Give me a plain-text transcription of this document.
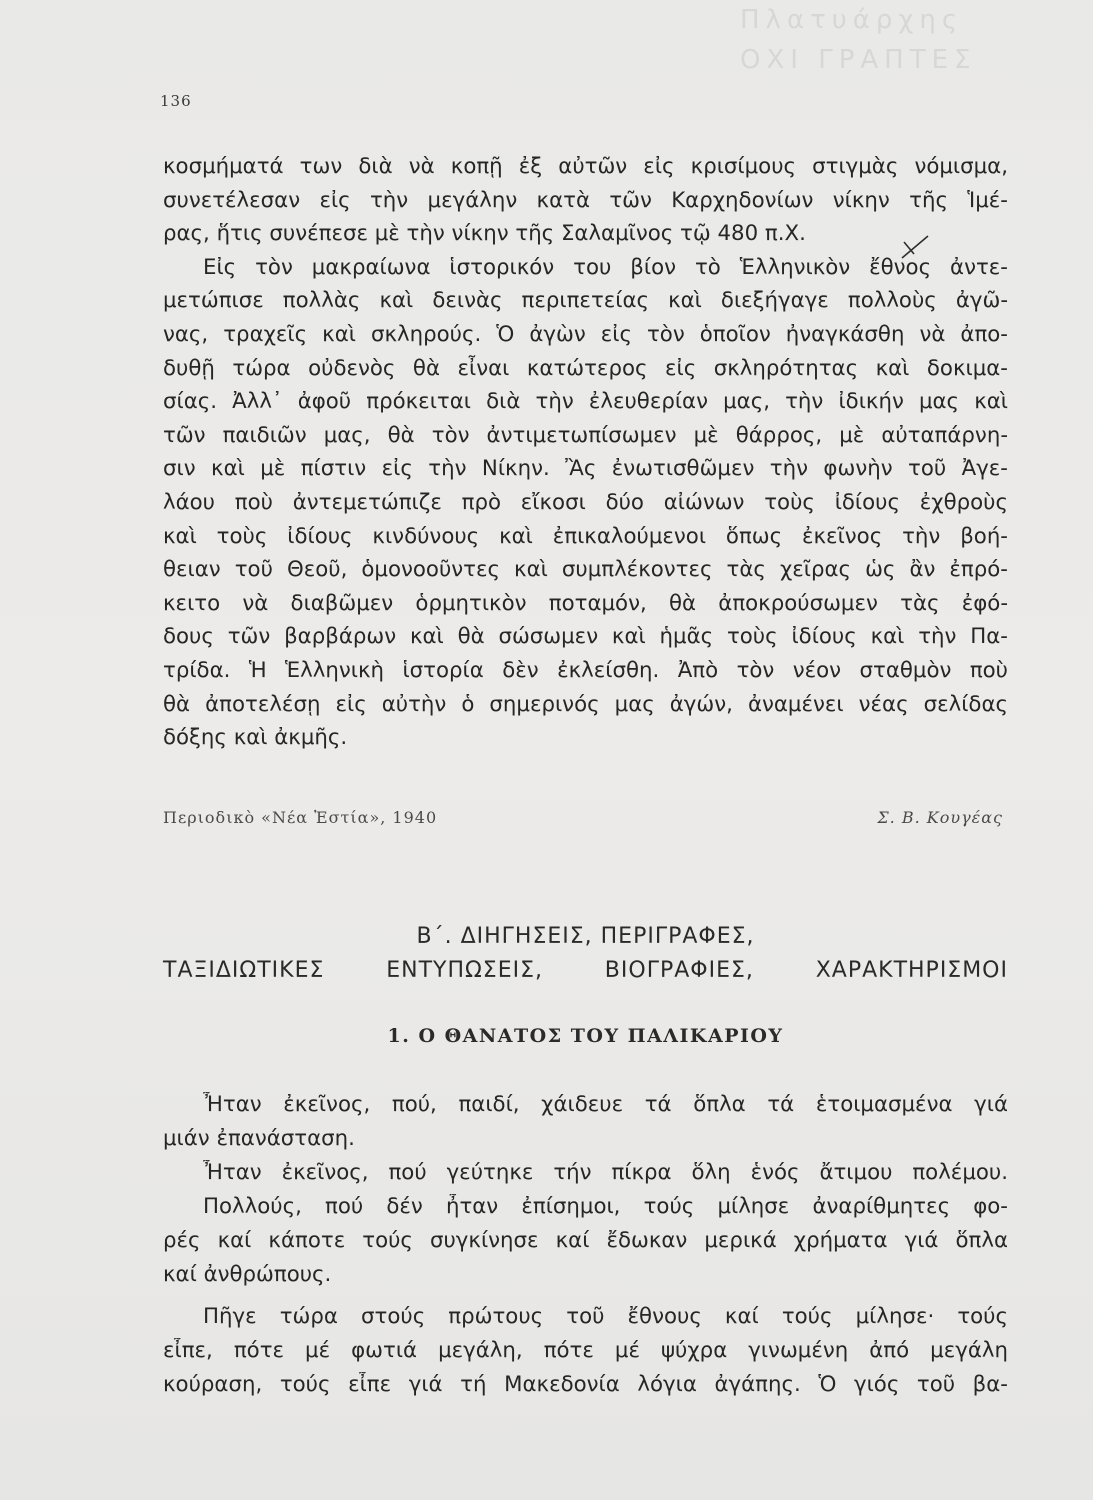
Πλατυάρχης
ΟΧΙ ΓΡΑΠΤΕΣ
136
κοσμήματά των διὰ νὰ κοπῇ ἐξ αὐτῶν εἰς κρισίμους στιγμὰς νόμισμα,
συνετέλεσαν εἰς τὴν μεγάλην κατὰ τῶν Καρχηδονίων νίκην τῆς Ἱμέ-
ρας, ἥτις συνέπεσε μὲ τὴν νίκην τῆς Σαλαμῖνος τῷ 480 π.Χ.
Εἰς τὸν μακραίωνα ἱστορικόν του βίον τὸ Ἑλληνικὸν ἔθνος ἀντε-
μετώπισε πολλὰς καὶ δεινὰς περιπετείας καὶ διεξήγαγε πολλοὺς ἀγῶ-
νας, τραχεῖς καὶ σκληρούς. Ὁ ἀγὼν εἰς τὸν ὁποῖον ἠναγκάσθη νὰ ἀπο-
δυθῇ τώρα οὐδενὸς θὰ εἶναι κατώτερος εἰς σκληρότητας καὶ δοκιμα-
σίας. Ἀλλ᾽ ἀφοῦ πρόκειται διὰ τὴν ἐλευθερίαν μας, τὴν ἰδικήν μας καὶ
τῶν παιδιῶν μας, θὰ τὸν ἀντιμετωπίσωμεν μὲ θάρρος, μὲ αὐταπάρνη-
σιν καὶ μὲ πίστιν εἰς τὴν Νίκην. Ἂς ἐνωτισθῶμεν τὴν φωνὴν τοῦ Ἀγε-
λάου ποὺ ἀντεμετώπιζε πρὸ εἴκοσι δύο αἰώνων τοὺς ἰδίους ἐχθροὺς
καὶ τοὺς ἰδίους κινδύνους καὶ ἐπικαλούμενοι ὅπως ἐκεῖνος τὴν βοή-
θειαν τοῦ Θεοῦ, ὁμονοοῦντες καὶ συμπλέκοντες τὰς χεῖρας ὡς ἂν ἐπρό-
κειτο νὰ διαβῶμεν ὁρμητικὸν ποταμόν, θὰ ἀποκρούσωμεν τὰς ἐφό-
δους τῶν βαρβάρων καὶ θὰ σώσωμεν καὶ ἡμᾶς τοὺς ἰδίους καὶ τὴν Πα-
τρίδα. Ἡ Ἑλληνικὴ ἱστορία δὲν ἐκλείσθη. Ἀπὸ τὸν νέον σταθμὸν ποὺ
θὰ ἀποτελέσῃ εἰς αὐτὴν ὁ σημερινός μας ἀγών, ἀναμένει νέας σελίδας
δόξης καὶ ἀκμῆς.
Περιοδικὸ «Νέα Ἑστία», 1940	Σ. Β. Κουγέας
Β΄. ΔΙΗΓΗΣΕΙΣ, ΠΕΡΙΓΡΑΦΕΣ,
ΤΑΞΙΔΙΩΤΙΚΕΣ ΕΝΤΥΠΩΣΕΙΣ, ΒΙΟΓΡΑΦΙΕΣ, ΧΑΡΑΚΤΗΡΙΣΜΟΙ
1. Ο ΘΑΝΑΤΟΣ ΤΟΥ ΠΑΛΙΚΑΡΙΟΥ
Ἦταν ἐκεῖνος, πού, παιδί, χάιδευε τά ὅπλα τά ἑτοιμασμένα γιά
μιάν ἐπανάσταση.
Ἦταν ἐκεῖνος, πού γεύτηκε τήν πίκρα ὅλη ἑνός ἄτιμου πολέμου.
Πολλούς, πού δέν ἦταν ἐπίσημοι, τούς μίλησε ἀναρίθμητες φο-
ρές καί κάποτε τούς συγκίνησε καί ἔδωκαν μερικά χρήματα γιά ὅπλα
καί ἀνθρώπους.
Πῆγε τώρα στούς πρώτους τοῦ ἔθνους καί τούς μίλησε· τούς
εἶπε, πότε μέ φωτιά μεγάλη, πότε μέ ψύχρα γινωμένη ἀπό μεγάλη
κούραση, τούς εἶπε γιά τή Μακεδονία λόγια ἀγάπης. Ὁ γιός τοῦ βα-
